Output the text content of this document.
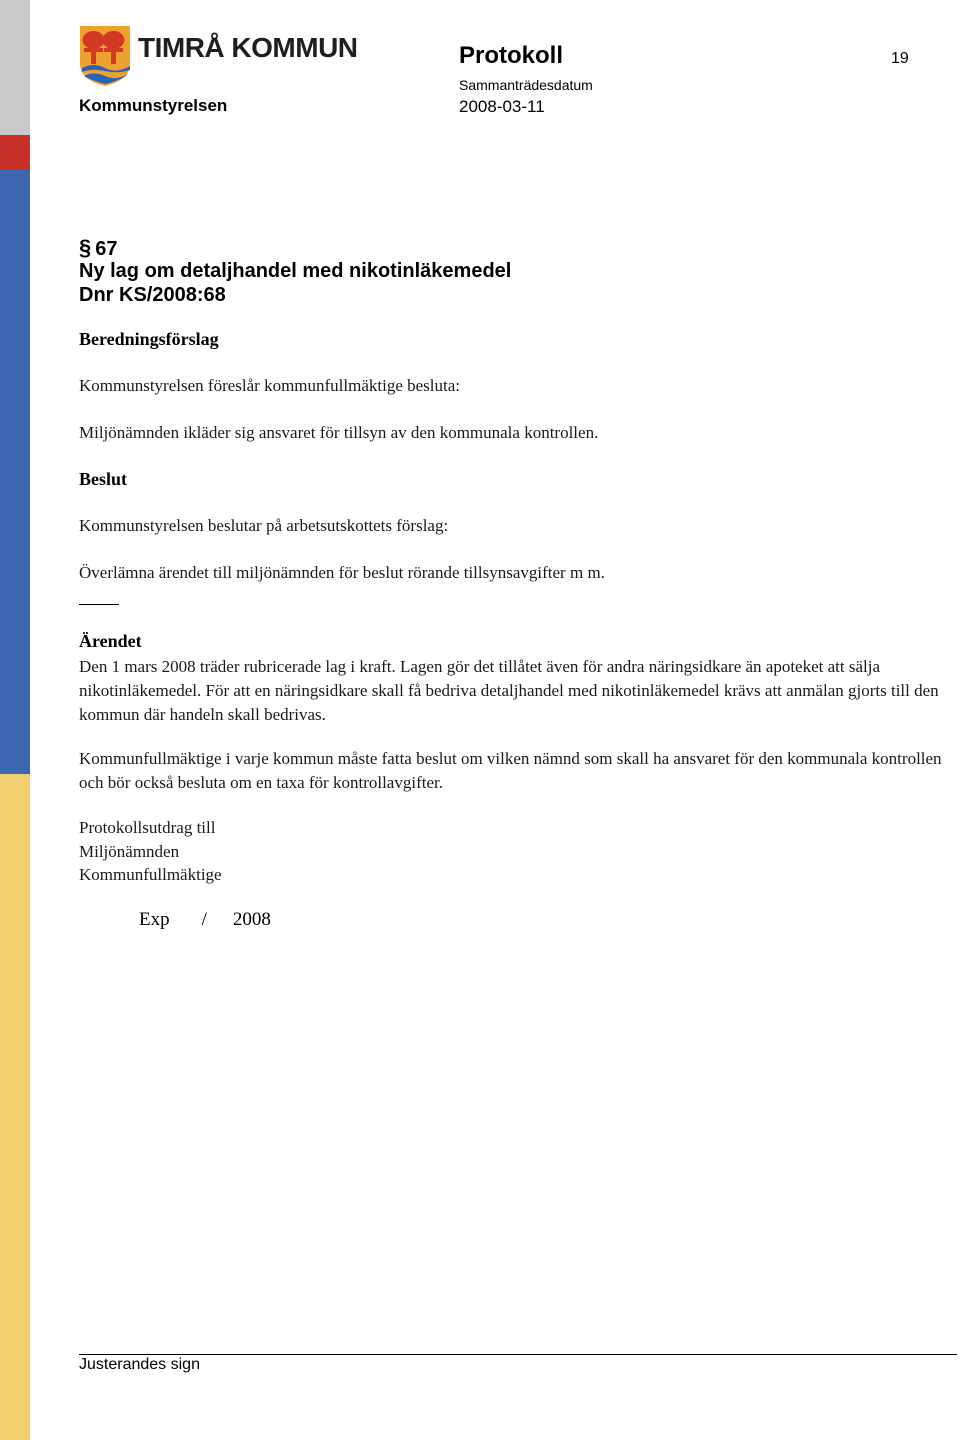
TIMRÅ KOMMUN	Protokoll	19
Sammanträdesdatum
Kommunstyrelsen	2008-03-11
§ 67
Ny lag om detaljhandel med nikotinläkemedel
Dnr KS/2008:68
Beredningsförslag
Kommunstyrelsen föreslår kommunfullmäktige besluta:
Miljönämnden ikläder sig ansvaret för tillsyn av den kommunala kontrollen.
Beslut
Kommunstyrelsen beslutar på arbetsutskottets förslag:
Överlämna ärendet till miljönämnden för beslut rörande tillsynsavgifter m m.
Ärendet
Den 1 mars 2008 träder rubricerade lag i kraft. Lagen gör det tillåtet även för andra näringsidkare än apoteket att sälja nikotinläkemedel. För att en näringsidkare skall få bedriva detaljhandel med nikotinläkemedel krävs att anmälan gjorts till den kommun där handeln skall bedrivas.
Kommunfullmäktige i varje kommun måste fatta beslut om vilken nämnd som skall ha ansvaret för den kommunala kontrollen och bör också besluta om en taxa för kontrollavgifter.
Protokollsutdrag till
Miljönämnden
Kommunfullmäktige
Exp / 2008
Justerandes sign
